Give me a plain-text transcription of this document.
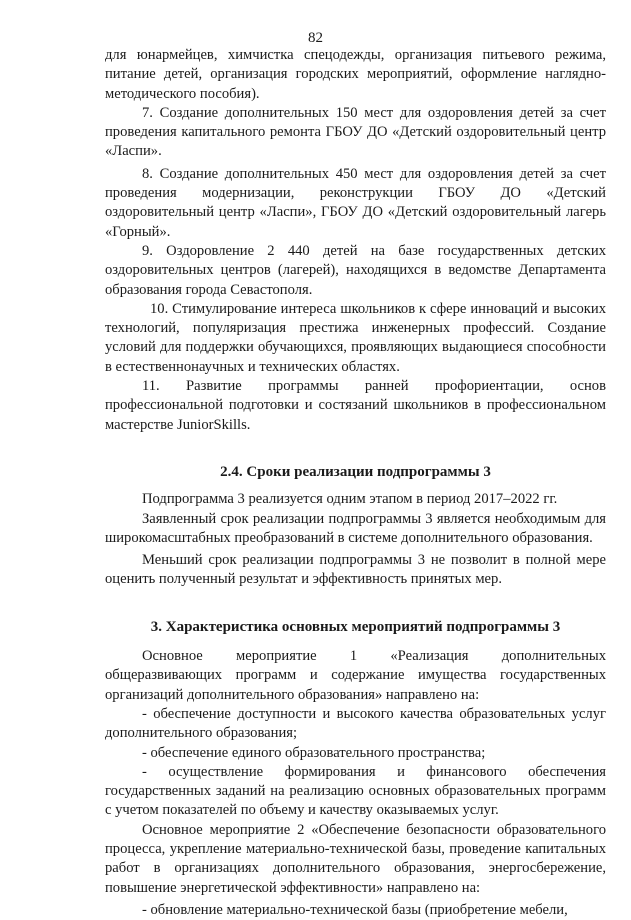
82

для юнармейцев, химчистка спецодежды, организация питьевого режима, питание детей, организация городских мероприятий, оформление наглядно-методического пособия).

7. Создание дополнительных 150 мест для оздоровления детей за счет проведения капитального ремонта ГБОУ ДО «Детский оздоровительный центр «Ласпи».

8. Создание дополнительных 450 мест для оздоровления детей за счет проведения модернизации, реконструкции ГБОУ ДО «Детский оздоровительный центр «Ласпи», ГБОУ ДО «Детский оздоровительный лагерь «Горный».

9. Оздоровление 2 440 детей на базе государственных детских оздоровительных центров (лагерей), находящихся в ведомстве Департамента образования города Севастополя.

10. Стимулирование интереса школьников к сфере инноваций и высоких технологий, популяризация престижа инженерных профессий. Создание условий для поддержки обучающихся, проявляющих выдающиеся способности в естественнонаучных и технических областях.

11. Развитие программы ранней профориентации, основ профессиональной подготовки и состязаний школьников в профессиональном мастерстве JuniorSkills.

2.4. Сроки реализации подпрограммы 3

Подпрограмма 3 реализуется одним этапом в период 2017–2022 гг.

Заявленный срок реализации подпрограммы 3 является необходимым для широкомасштабных преобразований в системе дополнительного образования.

Меньший срок реализации подпрограммы 3 не позволит в полной мере оценить полученный результат и эффективность принятых мер.

3. Характеристика основных мероприятий подпрограммы 3

Основное мероприятие 1 «Реализация дополнительных общеразвивающих программ и содержание имущества государственных организаций дополнительного образования» направлено на:

- обеспечение доступности и высокого качества образовательных услуг дополнительного образования;

- обеспечение единого образовательного пространства;

- осуществление формирования и финансового обеспечения государственных заданий на реализацию основных образовательных программ с учетом показателей по объему и качеству оказываемых услуг.

Основное мероприятие 2 «Обеспечение безопасности образовательного процесса, укрепление материально-технической базы, проведение капитальных работ в организациях дополнительного образования, энергосбережение, повышение энергетической эффективности» направлено на:

- обновление материально-технической базы (приобретение мебели,
